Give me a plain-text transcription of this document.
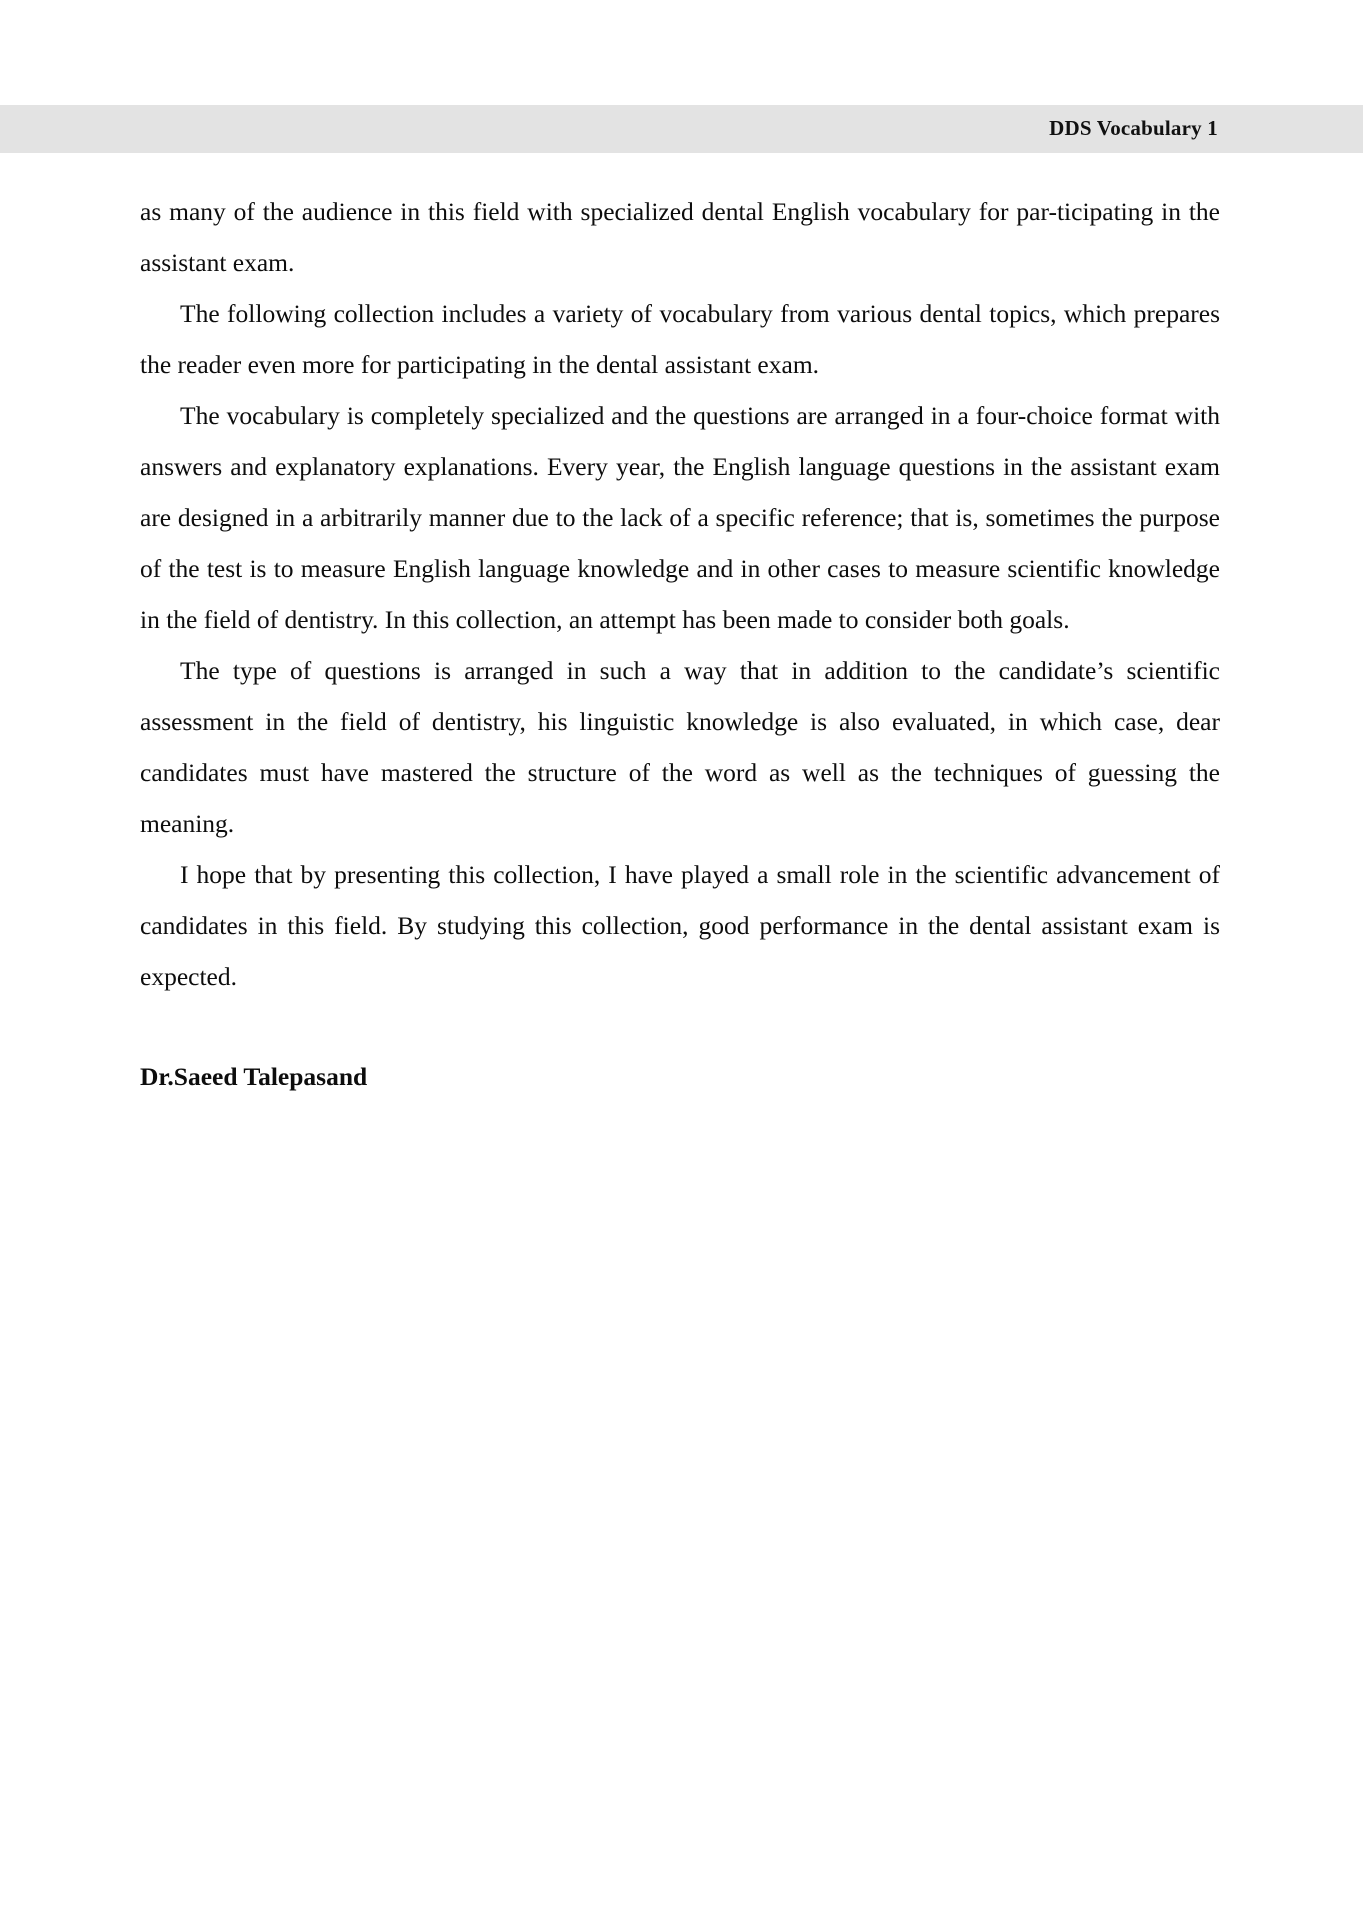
DDS Vocabulary 1

as many of the audience in this field with specialized dental English vocabulary for par-ticipating in the assistant exam.

The following collection includes a variety of vocabulary from various dental topics, which prepares the reader even more for participating in the dental assistant exam.

The vocabulary is completely specialized and the questions are arranged in a four-choice format with answers and explanatory explanations. Every year, the English language questions in the assistant exam are designed in a arbitrarily manner due to the lack of a specific reference; that is, sometimes the purpose of the test is to measure English language knowledge and in other cases to measure scientific knowledge in the field of dentistry. In this collection, an attempt has been made to consider both goals.

The type of questions is arranged in such a way that in addition to the candidate’s scientific assessment in the field of dentistry, his linguistic knowledge is also evaluated, in which case, dear candidates must have mastered the structure of the word as well as the techniques of guessing the meaning.

I hope that by presenting this collection, I have played a small role in the scientific advancement of candidates in this field. By studying this collection, good performance in the dental assistant exam is expected.

Dr.Saeed Talepasand
